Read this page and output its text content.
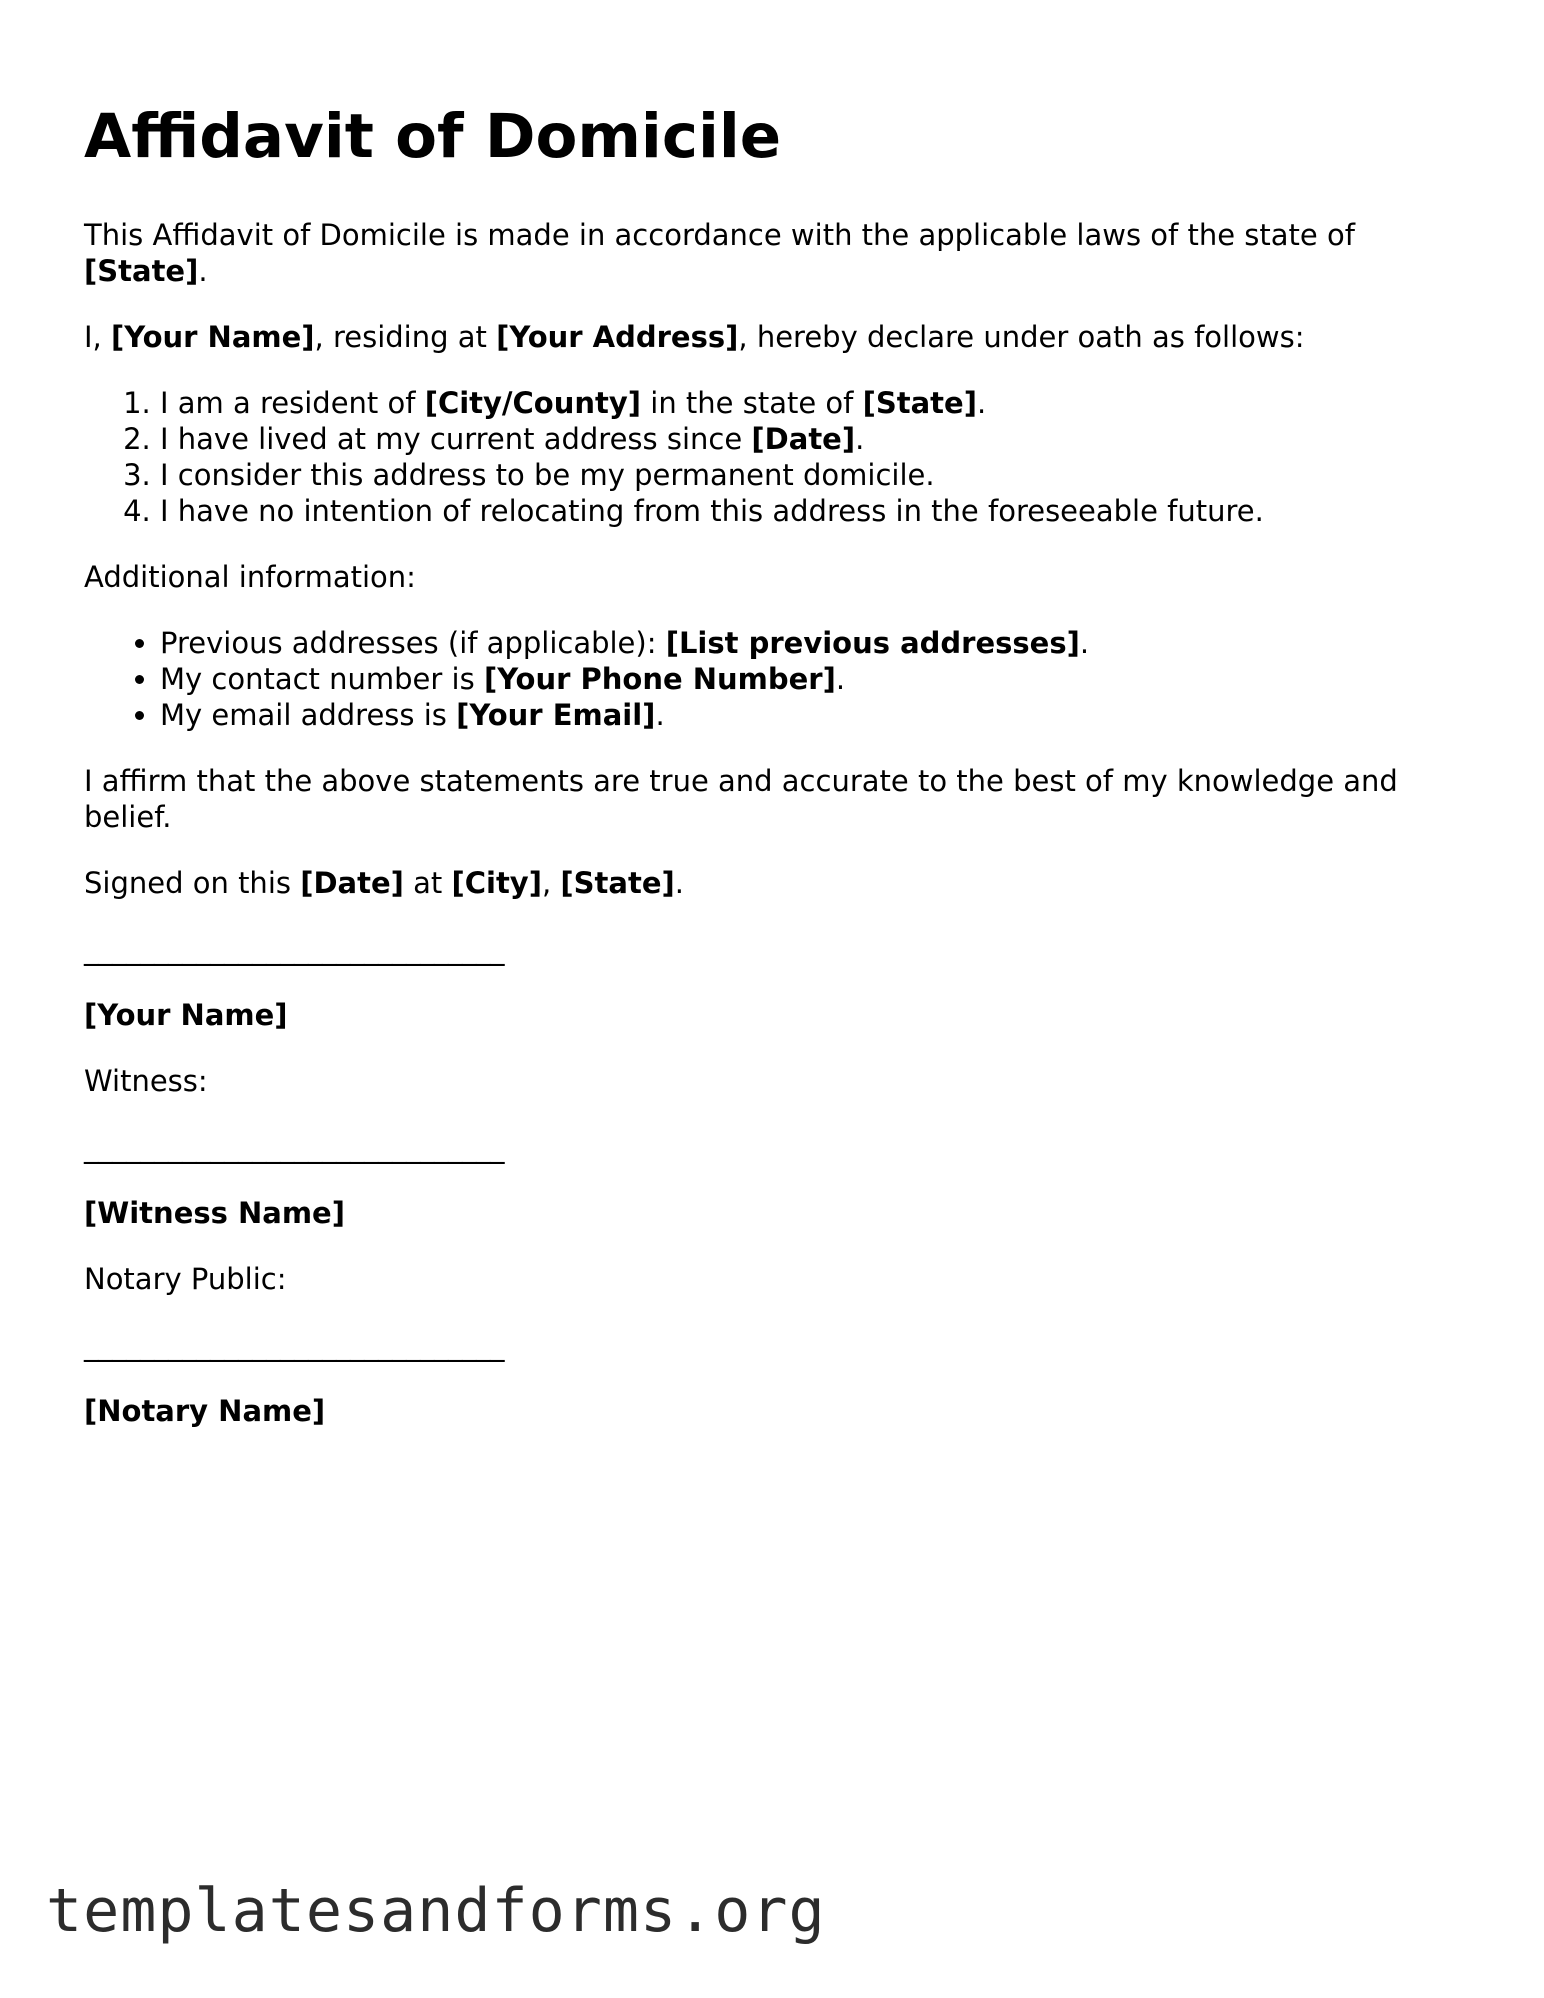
Affidavit of Domicile

This Affidavit of Domicile is made in accordance with the applicable laws of the state of [State].

I, [Your Name], residing at [Your Address], hereby declare under oath as follows:

1. I am a resident of [City/County] in the state of [State].
2. I have lived at my current address since [Date].
3. I consider this address to be my permanent domicile.
4. I have no intention of relocating from this address in the foreseeable future.

Additional information:

• Previous addresses (if applicable): [List previous addresses].
• My contact number is [Your Phone Number].
• My email address is [Your Email].

I affirm that the above statements are true and accurate to the best of my knowledge and belief.

Signed on this [Date] at [City], [State].

______________________________

[Your Name]

Witness:

______________________________

[Witness Name]

Notary Public:

______________________________

[Notary Name]

templatesandforms.org
